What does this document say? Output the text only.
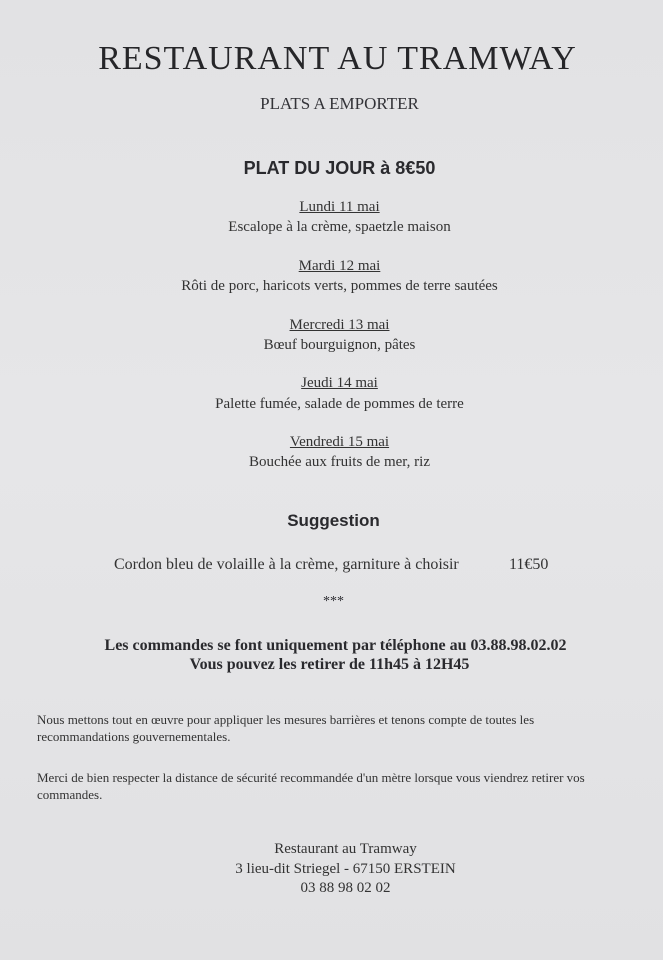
RESTAURANT AU TRAMWAY
PLATS A EMPORTER
PLAT DU JOUR à 8€50
Lundi 11 mai
Escalope à la crème, spaetzle maison
Mardi 12 mai
Rôti de porc, haricots verts, pommes de terre sautées
Mercredi 13 mai
Bœuf bourguignon, pâtes
Jeudi 14 mai
Palette fumée, salade de pommes de terre
Vendredi 15 mai
Bouchée aux fruits de mer, riz
Suggestion
Cordon bleu de volaille à la crème, garniture à choisir	11€50
***
Les commandes se font uniquement par téléphone au 03.88.98.02.02
Vous pouvez les retirer de 11h45 à 12H45
Nous mettons tout en œuvre pour appliquer les mesures barrières et tenons compte de toutes les recommandations gouvernementales.
Merci de bien respecter la distance de sécurité recommandée d'un mètre lorsque vous viendrez retirer vos commandes.
Restaurant au Tramway
3 lieu-dit Striegel - 67150 ERSTEIN
03 88 98 02 02
